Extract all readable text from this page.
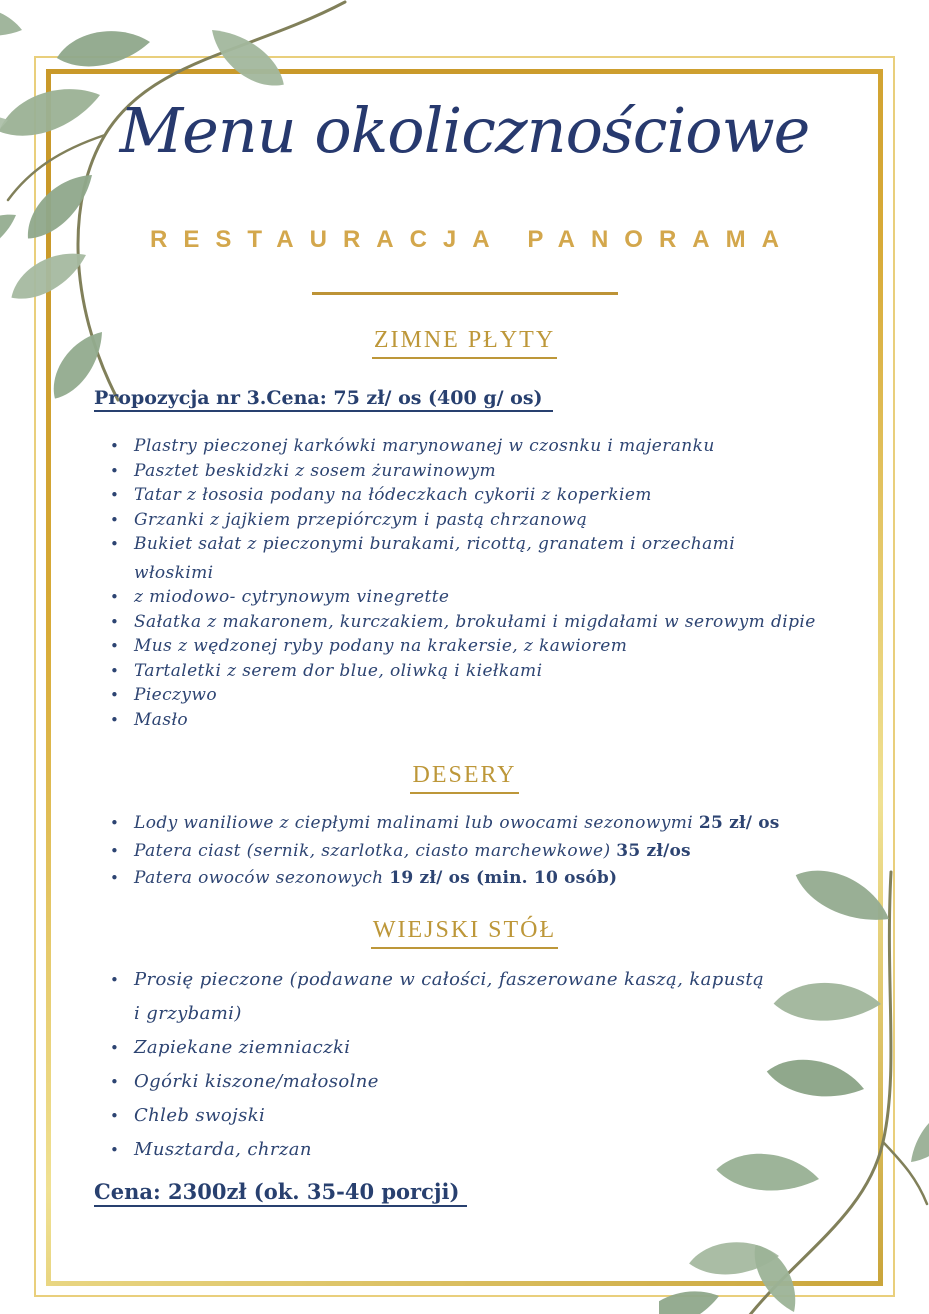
Menu okolicznościowe
RESTAURACJA PANORAMA
ZIMNE PŁYTY
Propozycja nr 3.Cena: 75 zł/ os (400 g/ os)
• Plastry pieczonej karkówki marynowanej w czosnku i majeranku
• Pasztet beskidzki z sosem żurawinowym
• Tatar z łososia podany na łódeczkach cykorii z koperkiem
• Grzanki z jajkiem przepiórczym i pastą chrzanową
• Bukiet sałat z pieczonymi burakami, ricottą, granatem i orzechami
włoskimi
• z miodowo- cytrynowym vinegrette
• Sałatka z makaronem, kurczakiem, brokułami i migdałami w serowym dipie
• Mus z wędzonej ryby podany na krakersie, z kawiorem
• Tartaletki z serem dor blue, oliwką i kiełkami
• Pieczywo
• Masło
DESERY
• Lody waniliowe z ciepłymi malinami lub owocami sezonowymi 25 zł/ os
• Patera ciast (sernik, szarlotka, ciasto marchewkowe) 35 zł/os
• Patera owoców sezonowych 19 zł/ os (min. 10 osób)
WIEJSKI STÓŁ
• Prosię pieczone (podawane w całości, faszerowane kaszą, kapustą
i grzybami)
• Zapiekane ziemniaczki
• Ogórki kiszone/małosolne
• Chleb swojski
• Musztarda, chrzan
Cena: 2300zł (ok. 35-40 porcji)
